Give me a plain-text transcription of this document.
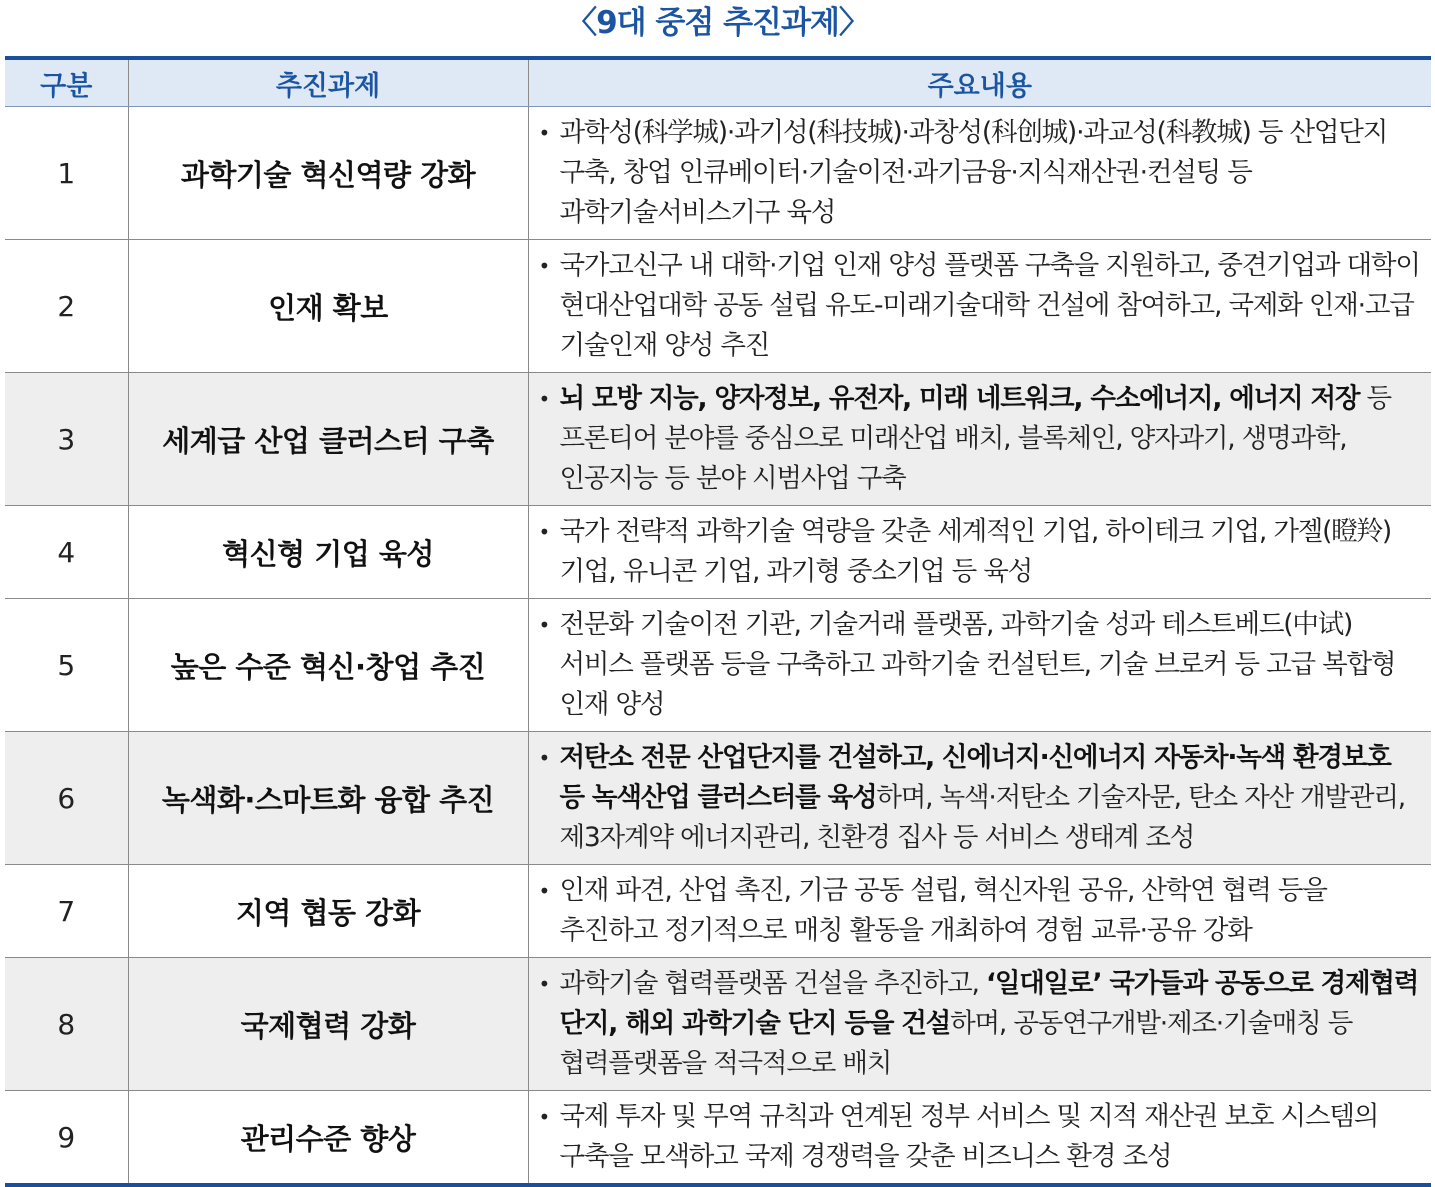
〈9대 중점 추진과제〉
구분	추진과제	주요내용
1	과학기술 혁신역량 강화	• 과학성(科学城)·과기성(科技城)·과창성(科创城)·과교성(科教城) 등 산업단지 구축, 창업 인큐베이터·기술이전·과기금융·지식재산권·컨설팅 등 과학기술서비스기구 육성

2	인재 확보	• 국가고신구 내 대학·기업 인재 양성 플랫폼 구축을 지원하고, 중견기업과 대학이 현대산업대학 공동 설립 유도-미래기술대학 건설에 참여하고, 국제화 인재·고급 기술인재 양성 추진

3	세계급 산업 클러스터 구축	• 뇌 모방 지능, 양자정보, 유전자, 미래 네트워크, 수소에너지, 에너지 저장 등 프론티어 분야를 중심으로 미래산업 배치, 블록체인, 양자과기, 생명과학, 인공지능 등 분야 시범사업 구축

4	혁신형 기업 육성	• 국가 전략적 과학기술 역량을 갖춘 세계적인 기업, 하이테크 기업, 가젤(瞪羚)기업, 유니콘 기업, 과기형 중소기업 등 육성

5	높은 수준 혁신·창업 추진	• 전문화 기술이전 기관, 기술거래 플랫폼, 과학기술 성과 테스트베드(中试) 서비스 플랫폼 등을 구축하고 과학기술 컨설턴트, 기술 브로커 등 고급 복합형 인재 양성

6	녹색화·스마트화 융합 추진	• 저탄소 전문 산업단지를 건설하고, 신에너지·신에너지 자동차·녹색 환경보호 등 녹색산업 클러스터를 육성하며, 녹색·저탄소 기술자문, 탄소 자산 개발관리, 제3자계약 에너지관리, 친환경 집사 등 서비스 생태계 조성

7	지역 협동 강화	• 인재 파견, 산업 촉진, 기금 공동 설립, 혁신자원 공유, 산학연 협력 등을 추진하고 정기적으로 매칭 활동을 개최하여 경험 교류·공유 강화

8	국제협력 강화	• 과학기술 협력플랫폼 건설을 추진하고, ‘일대일로’ 국가들과 공동으로 경제협력 단지, 해외 과학기술 단지 등을 건설하며, 공동연구개발·제조·기술매칭 등 협력플랫폼을 적극적으로 배치

9	관리수준 향상	• 국제 투자 및 무역 규칙과 연계된 정부 서비스 및 지적 재산권 보호 시스템의 구축을 모색하고 국제 경쟁력을 갖춘 비즈니스 환경 조성
